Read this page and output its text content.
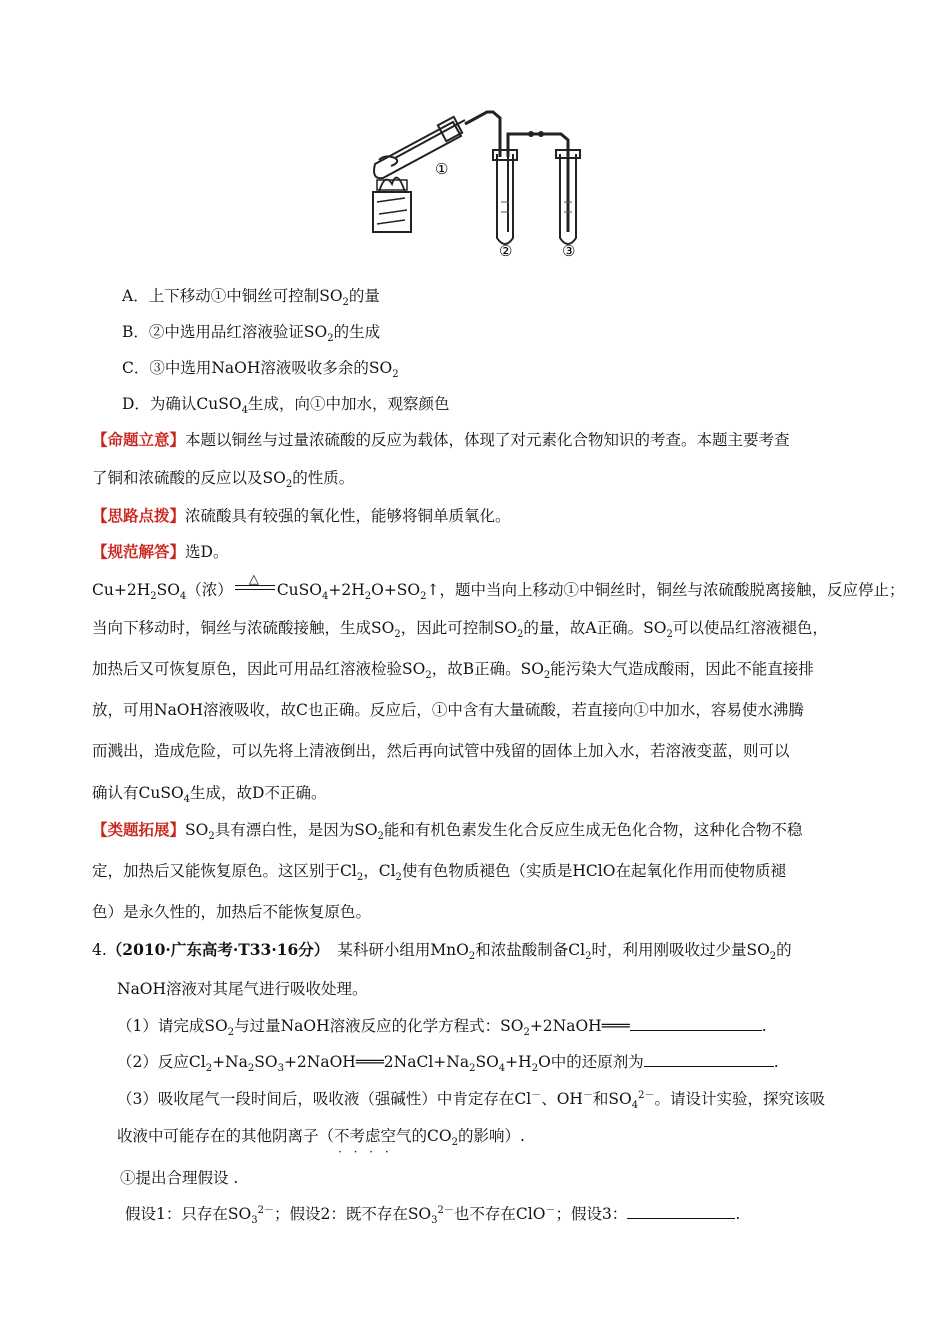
①
②	③
A．上下移动①中铜丝可控制$SO_2$的量
B．②中选用品红溶液验证$SO_2$的生成
C．③中选用NaOH溶液吸收多余的$SO_2$
D．为确认CuSO$_4$生成，向①中加水，观察颜色
【命题立意】本题以铜丝与过量浓硫酸的反应为载体，体现了对元素化合物知识的考查。本题主要考查
了铜和浓硫酸的反应以及$SO_2$的性质。
【思路点拨】浓硫酸具有较强的氧化性，能够将铜单质氧化。
【规范解答】选D。
$Cu+2H_2SO_4$（浓）
△
$CuSO_4+2H_2O+SO_2↑$，题中当向上移动①中铜丝时，铜丝与浓硫酸脱离接触，反应停止；
当向下移动时，铜丝与浓硫酸接触，生成$SO_2$，因此可控制$SO_2$的量，故A正确。$SO_2$可以使品红溶液褪色，
加热后又可恢复原色，因此可用品红溶液检验$SO_2$，故B正确。$SO_2$能污染大气造成酸雨，因此不能直接排
放，可用NaOH溶液吸收，故C也正确。反应后，①中含有大量硫酸，若直接向①中加水，容易使水沸腾
而溅出，造成危险，可以先将上清液倒出，然后再向试管中残留的固体上加入水，若溶液变蓝，则可以
确认有CuSO$_4$生成，故D不正确。
【类题拓展】$SO_2$具有漂白性，是因为$SO_2$能和有机色素发生化合反应生成无色化合物，这种化合物不稳
定，加热后又能恢复原色。这区别于$Cl_2$，$Cl_2$使有色物质褪色（实质是HClO在起氧化作用而使物质褪
色）是永久性的，加热后不能恢复原色。
4.（2010·广东高考·T33·16分） 某科研小组用MnO$_2$和浓盐酸制备$Cl_2$时，利用刚吸收过少量$SO_2$的
NaOH溶液对其尾气进行吸收处理。
（1）请完成$SO_2$与过量NaOH溶液反应的化学方程式：$SO_2+2NaOH═══$	.
（2）反应$Cl_2+Na_2SO_3+2NaOH═══2NaCl+Na_2SO_4+H_2O$中的还原剂为	.
（3）吸收尾气一段时间后，吸收液（强碱性）中肯定存在Cl－、OH－和$SO_4^{2-}$。请设计实验，探究该吸
收液中可能存在的其他阴离子（不考虑 · · · ·空气的$CO_2$的影响）.
①提出合理假设 .
假设1：只存在$SO_3^{2-}$；假设2：既不存在$SO_3^{2-}$也不存在ClO－；假设3：	.
